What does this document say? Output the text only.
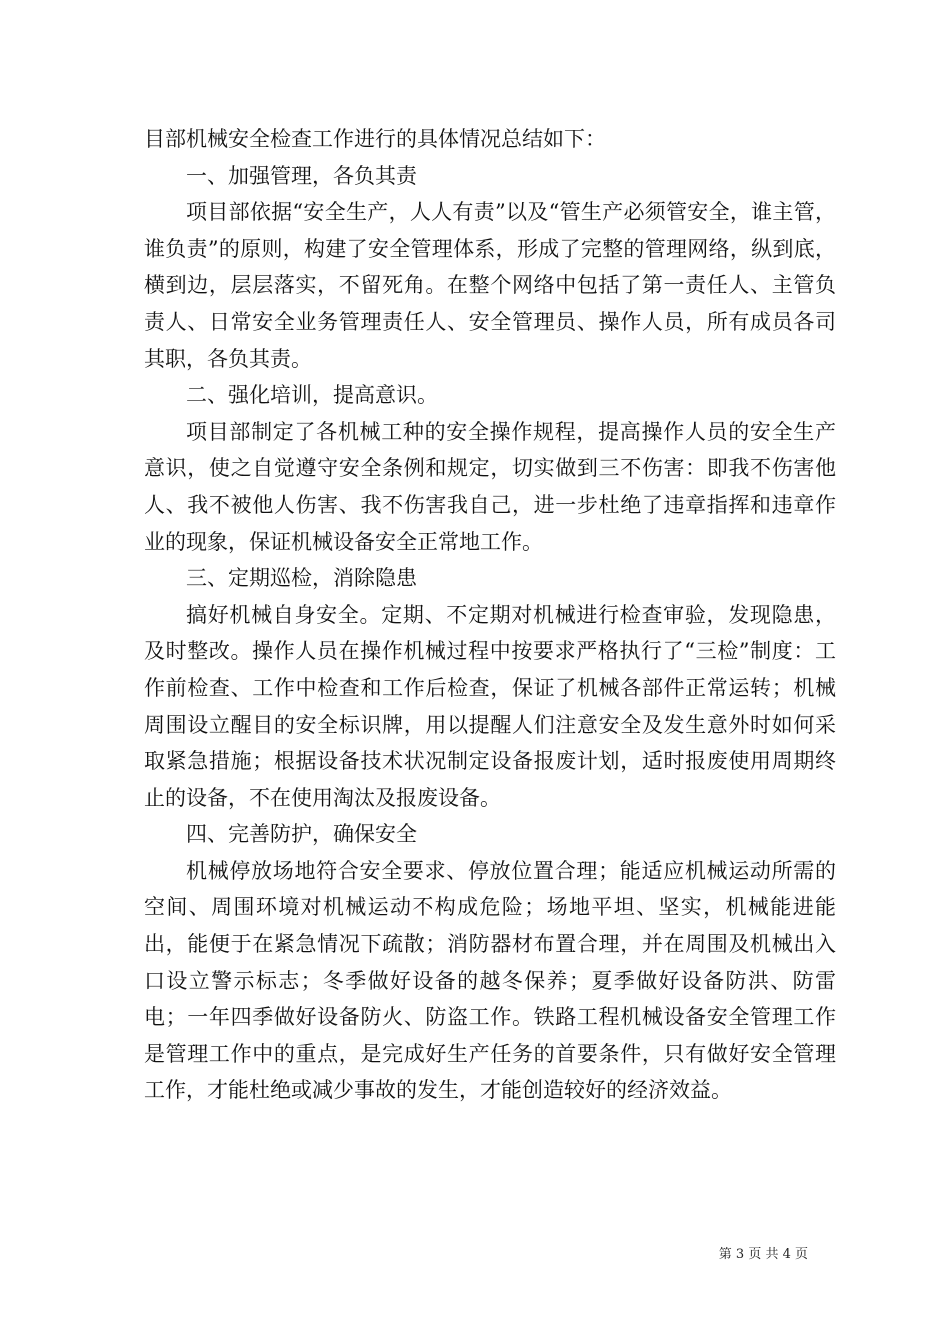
目部机械安全检查工作进行的具体情况总结如下：

一、加强管理，各负其责

项目部依据“安全生产，人人有责”以及“管生产必须管安全，谁主管，谁负责”的原则，构建了安全管理体系，形成了完整的管理网络，纵到底，横到边，层层落实，不留死角。在整个网络中包括了第一责任人、主管负责人、日常安全业务管理责任人、安全管理员、操作人员，所有成员各司其职，各负其责。

二、强化培训，提高意识。

项目部制定了各机械工种的安全操作规程，提高操作人员的安全生产意识，使之自觉遵守安全条例和规定，切实做到三不伤害：即我不伤害他人、我不被他人伤害、我不伤害我自己，进一步杜绝了违章指挥和违章作业的现象，保证机械设备安全正常地工作。

三、定期巡检，消除隐患

搞好机械自身安全。定期、不定期对机械进行检查审验，发现隐患，及时整改。操作人员在操作机械过程中按要求严格执行了“三检”制度：工作前检查、工作中检查和工作后检查，保证了机械各部件正常运转；机械周围设立醒目的安全标识牌，用以提醒人们注意安全及发生意外时如何采取紧急措施；根据设备技术状况制定设备报废计划，适时报废使用周期终止的设备，不在使用淘汰及报废设备。

四、完善防护，确保安全

机械停放场地符合安全要求、停放位置合理；能适应机械运动所需的空间、周围环境对机械运动不构成危险；场地平坦、坚实，机械能进能出，能便于在紧急情况下疏散；消防器材布置合理，并在周围及机械出入口设立警示标志；冬季做好设备的越冬保养；夏季做好设备防洪、防雷电；一年四季做好设备防火、防盗工作。铁路工程机械设备安全管理工作是管理工作中的重点，是完成好生产任务的首要条件，只有做好安全管理工作，才能杜绝或减少事故的发生，才能创造较好的经济效益。

第 3 页 共 4 页
